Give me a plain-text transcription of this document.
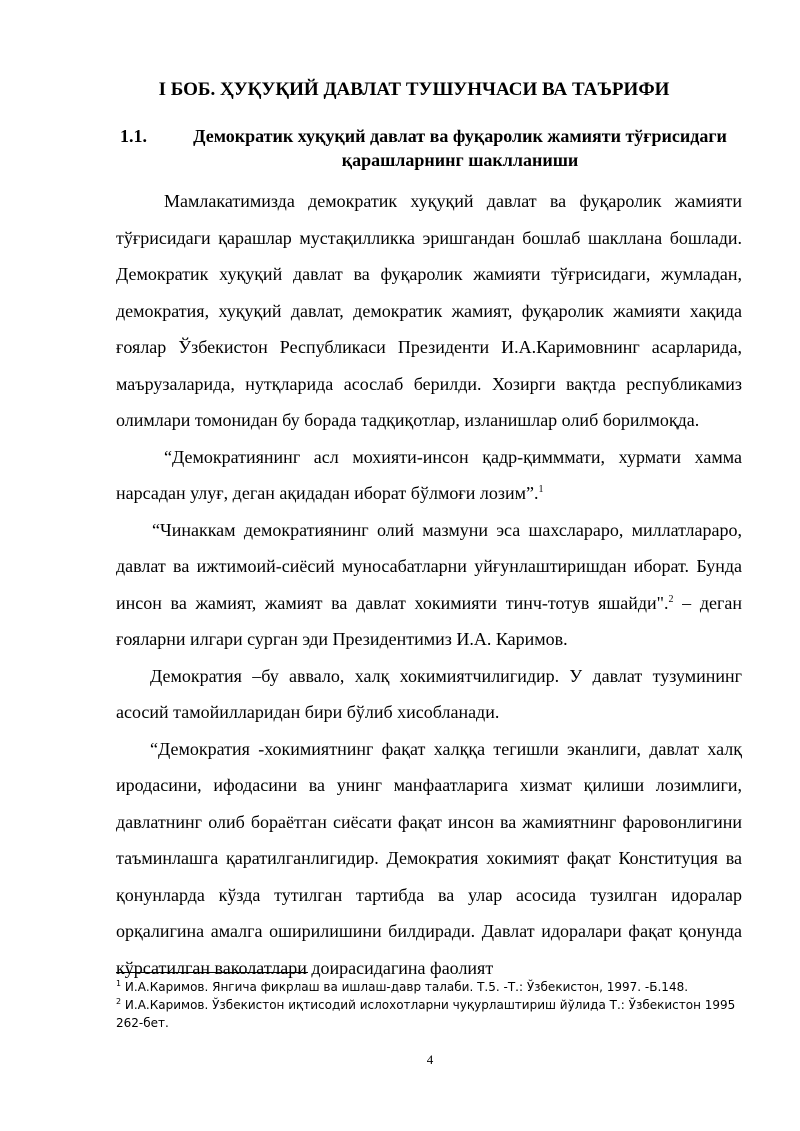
I БОБ. ҲУҚУҚИЙ ДАВЛАТ ТУШУНЧАСИ ВА ТАЪРИФИ
1.1.	Демократик хуқуқий давлат ва фуқаролик жамияти тўғрисидаги қарашларнинг шаклланиши

Мамлакатимизда демократик хуқуқий давлат ва фуқаролик жамияти тўғрисидаги қарашлар мустақилликка эришгандан бошлаб шакллана бошлади. Демократик хуқуқий давлат ва фуқаролик жамияти тўғрисидаги, жумладан, демократия, хуқуқий давлат, демократик жамият, фуқаролик жамияти хақида ғоялар Ўзбекистон Республикаси Президенти И.А.Каримовнинг асарларида, маърузаларида, нутқларида асослаб берилди. Хозирги вақтда республикамиз олимлари томонидан бу борада тадқиқотлар, изланишлар олиб борилмоқда.

“Демократиянинг асл мохияти-инсон қадр-қимммати, хурмати хамма нарсадан улуғ, деган ақидадан иборат бўлмоғи лозим”.$^1$

“Чинаккам демократиянинг олий мазмуни эса шахслараро, миллатлараро, давлат ва ижтимоий-сиёсий муносабатларни уйғунлаштиришдан иборат. Бунда инсон ва жамият, жамият ва давлат хокимияти тинч-тотув яшайди".$^2$ – деган ғояларни илгари сурган эди Президентимиз И.А. Каримов.

Демократия –бу аввало, халқ хокимиятчилигидир. У давлат тузумининг асосий тамойилларидан бири бўлиб хисобланади.

“Демократия -хокимиятнинг фақат халққа тегишли эканлиги, давлат халқ иродасини, ифодасини ва унинг манфаатларига хизмат қилиши лозимлиги, давлатнинг олиб бораётган сиёсати фақат инсон ва жамиятнинг фаровонлигини таъминлашга қаратилганлигидир. Демократия хокимият фақат Конституция ва қонунларда кўзда тутилган тартибда ва улар асосида тузилган идоралар орқалигина амалга оширилишини билдиради. Давлат идоралари фақат қонунда кўрсатилган ваколатлари доирасидагина фаолият

$^1$ И.А.Каримов. Янгича фикрлаш ва ишлаш-давр талаби. Т.5. -Т.: Ўзбекистон, 1997. -Б.148.

$^2$ И.А.Каримов. Ўзбекистон иқтисодий ислохотларни чуқурлаштириш йўлида Т.: Ўзбекистон 1995 262-бет.

4
